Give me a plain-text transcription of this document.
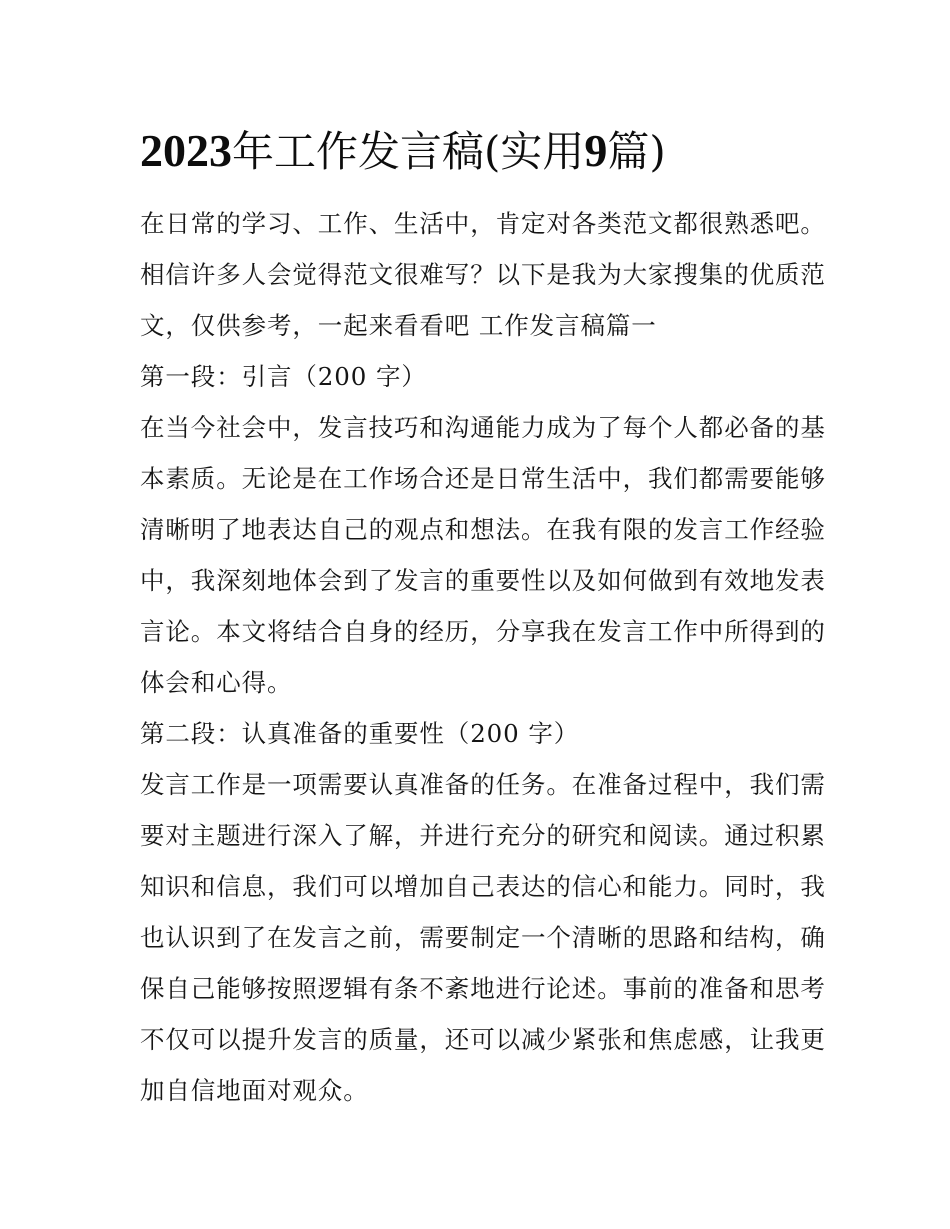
2023年工作发言稿(实用9篇)
在日常的学习、工作、生活中，肯定对各类范文都很熟悉吧。
相信许多人会觉得范文很难写？以下是我为大家搜集的优质范
文，仅供参考，一起来看看吧 工作发言稿篇一
第一段：引言（200 字）
在当今社会中，发言技巧和沟通能力成为了每个人都必备的基
本素质。无论是在工作场合还是日常生活中，我们都需要能够
清晰明了地表达自己的观点和想法。在我有限的发言工作经验
中，我深刻地体会到了发言的重要性以及如何做到有效地发表
言论。本文将结合自身的经历，分享我在发言工作中所得到的
体会和心得。
第二段：认真准备的重要性（200 字）
发言工作是一项需要认真准备的任务。在准备过程中，我们需
要对主题进行深入了解，并进行充分的研究和阅读。通过积累
知识和信息，我们可以增加自己表达的信心和能力。同时，我
也认识到了在发言之前，需要制定一个清晰的思路和结构，确
保自己能够按照逻辑有条不紊地进行论述。事前的准备和思考
不仅可以提升发言的质量，还可以减少紧张和焦虑感，让我更
加自信地面对观众。
